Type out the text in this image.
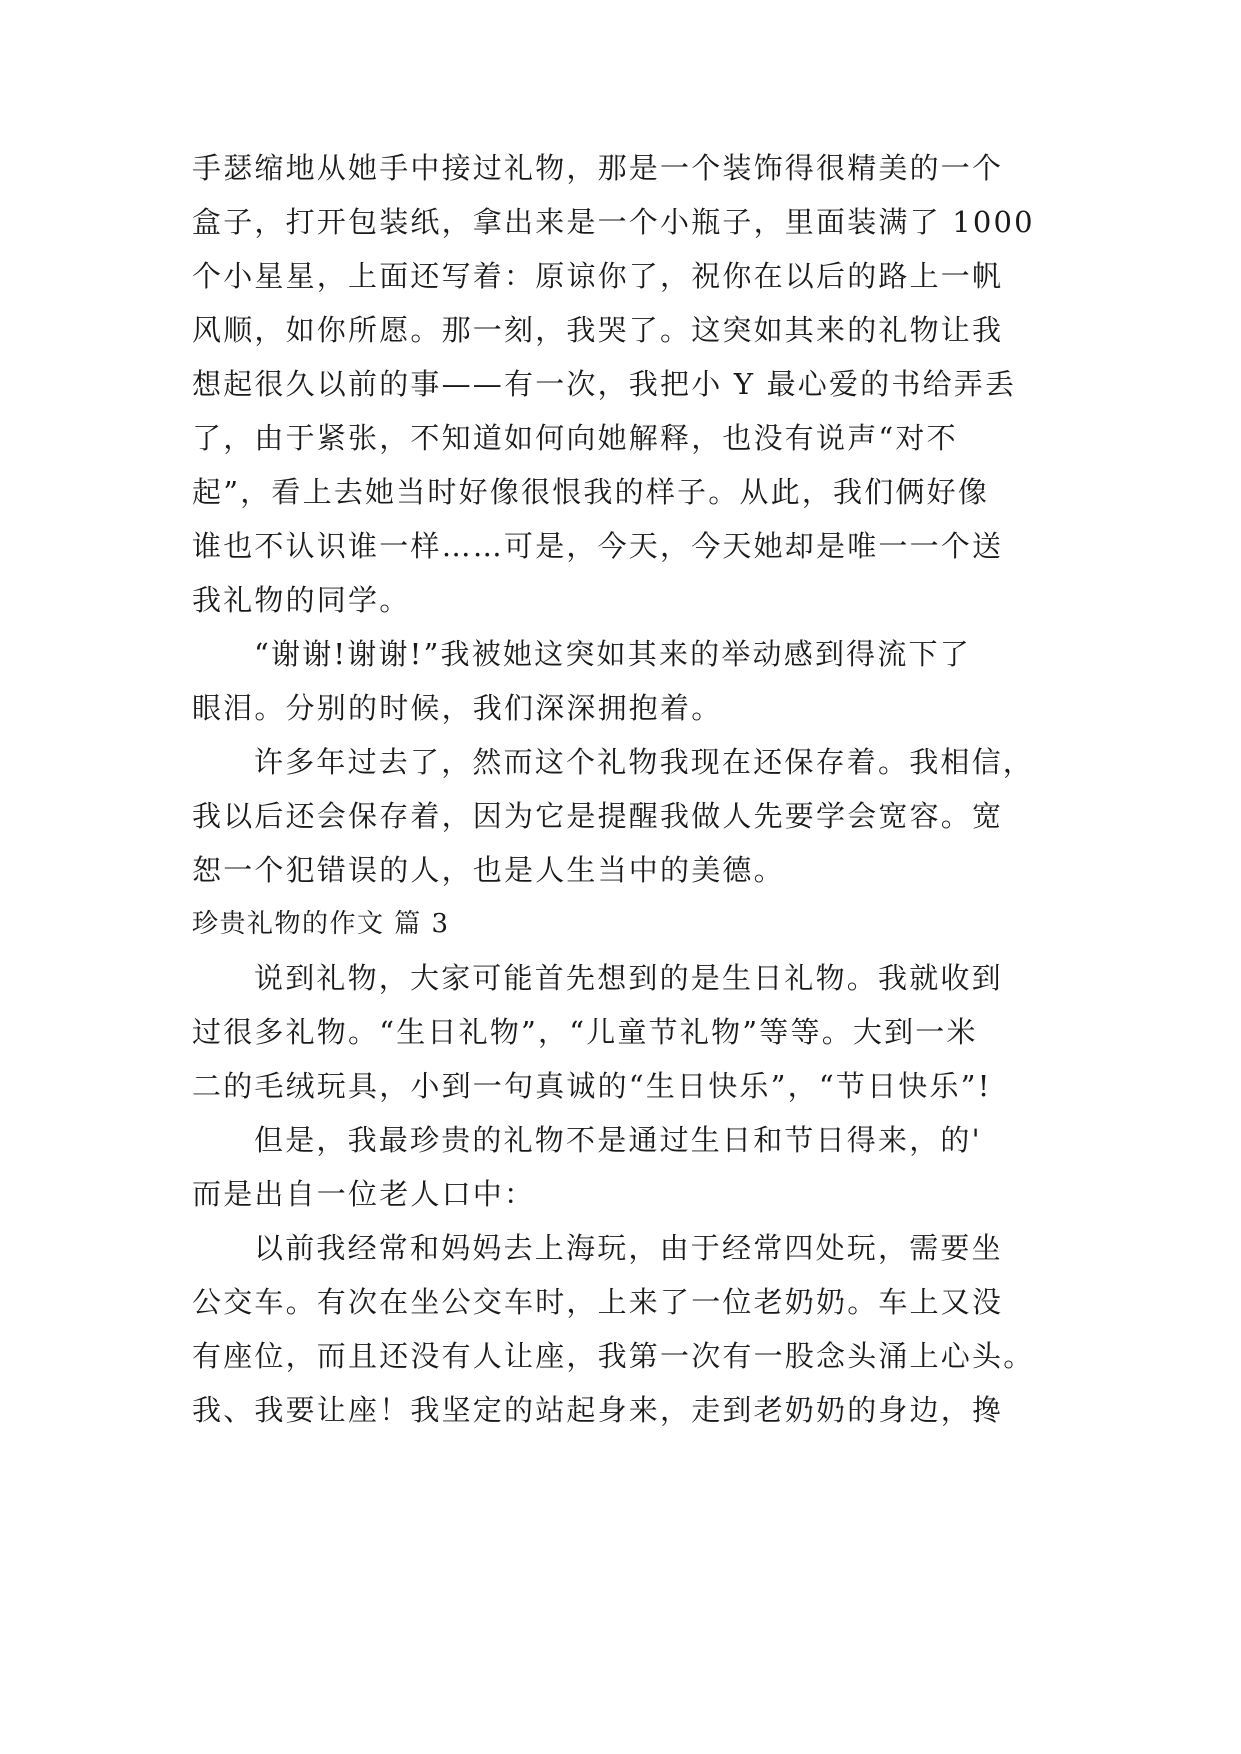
手瑟缩地从她手中接过礼物，那是一个装饰得很精美的一个
盒子，打开包装纸，拿出来是一个小瓶子，里面装满了 1000
个小星星，上面还写着：原谅你了，祝你在以后的路上一帆
风顺，如你所愿。那一刻，我哭了。这突如其来的礼物让我
想起很久以前的事——有一次，我把小 Y 最心爱的书给弄丢
了，由于紧张，不知道如何向她解释，也没有说声“对不
起”，看上去她当时好像很恨我的样子。从此，我们俩好像
谁也不认识谁一样……可是，今天，今天她却是唯一一个送
我礼物的同学。
“谢谢!谢谢!”我被她这突如其来的举动感到得流下了
眼泪。分别的时候，我们深深拥抱着。
许多年过去了，然而这个礼物我现在还保存着。我相信，
我以后还会保存着，因为它是提醒我做人先要学会宽容。宽
恕一个犯错误的人，也是人生当中的美德。
珍贵礼物的作文 篇 3
说到礼物，大家可能首先想到的是生日礼物。我就收到
过很多礼物。“生日礼物”，“儿童节礼物”等等。大到一米
二的毛绒玩具，小到一句真诚的“生日快乐”，“节日快乐”!
但是，我最珍贵的礼物不是通过生日和节日得来，的'
而是出自一位老人口中：
以前我经常和妈妈去上海玩，由于经常四处玩，需要坐
公交车。有次在坐公交车时，上来了一位老奶奶。车上又没
有座位，而且还没有人让座，我第一次有一股念头涌上心头。
我、我要让座！我坚定的站起身来，走到老奶奶的身边，搀
